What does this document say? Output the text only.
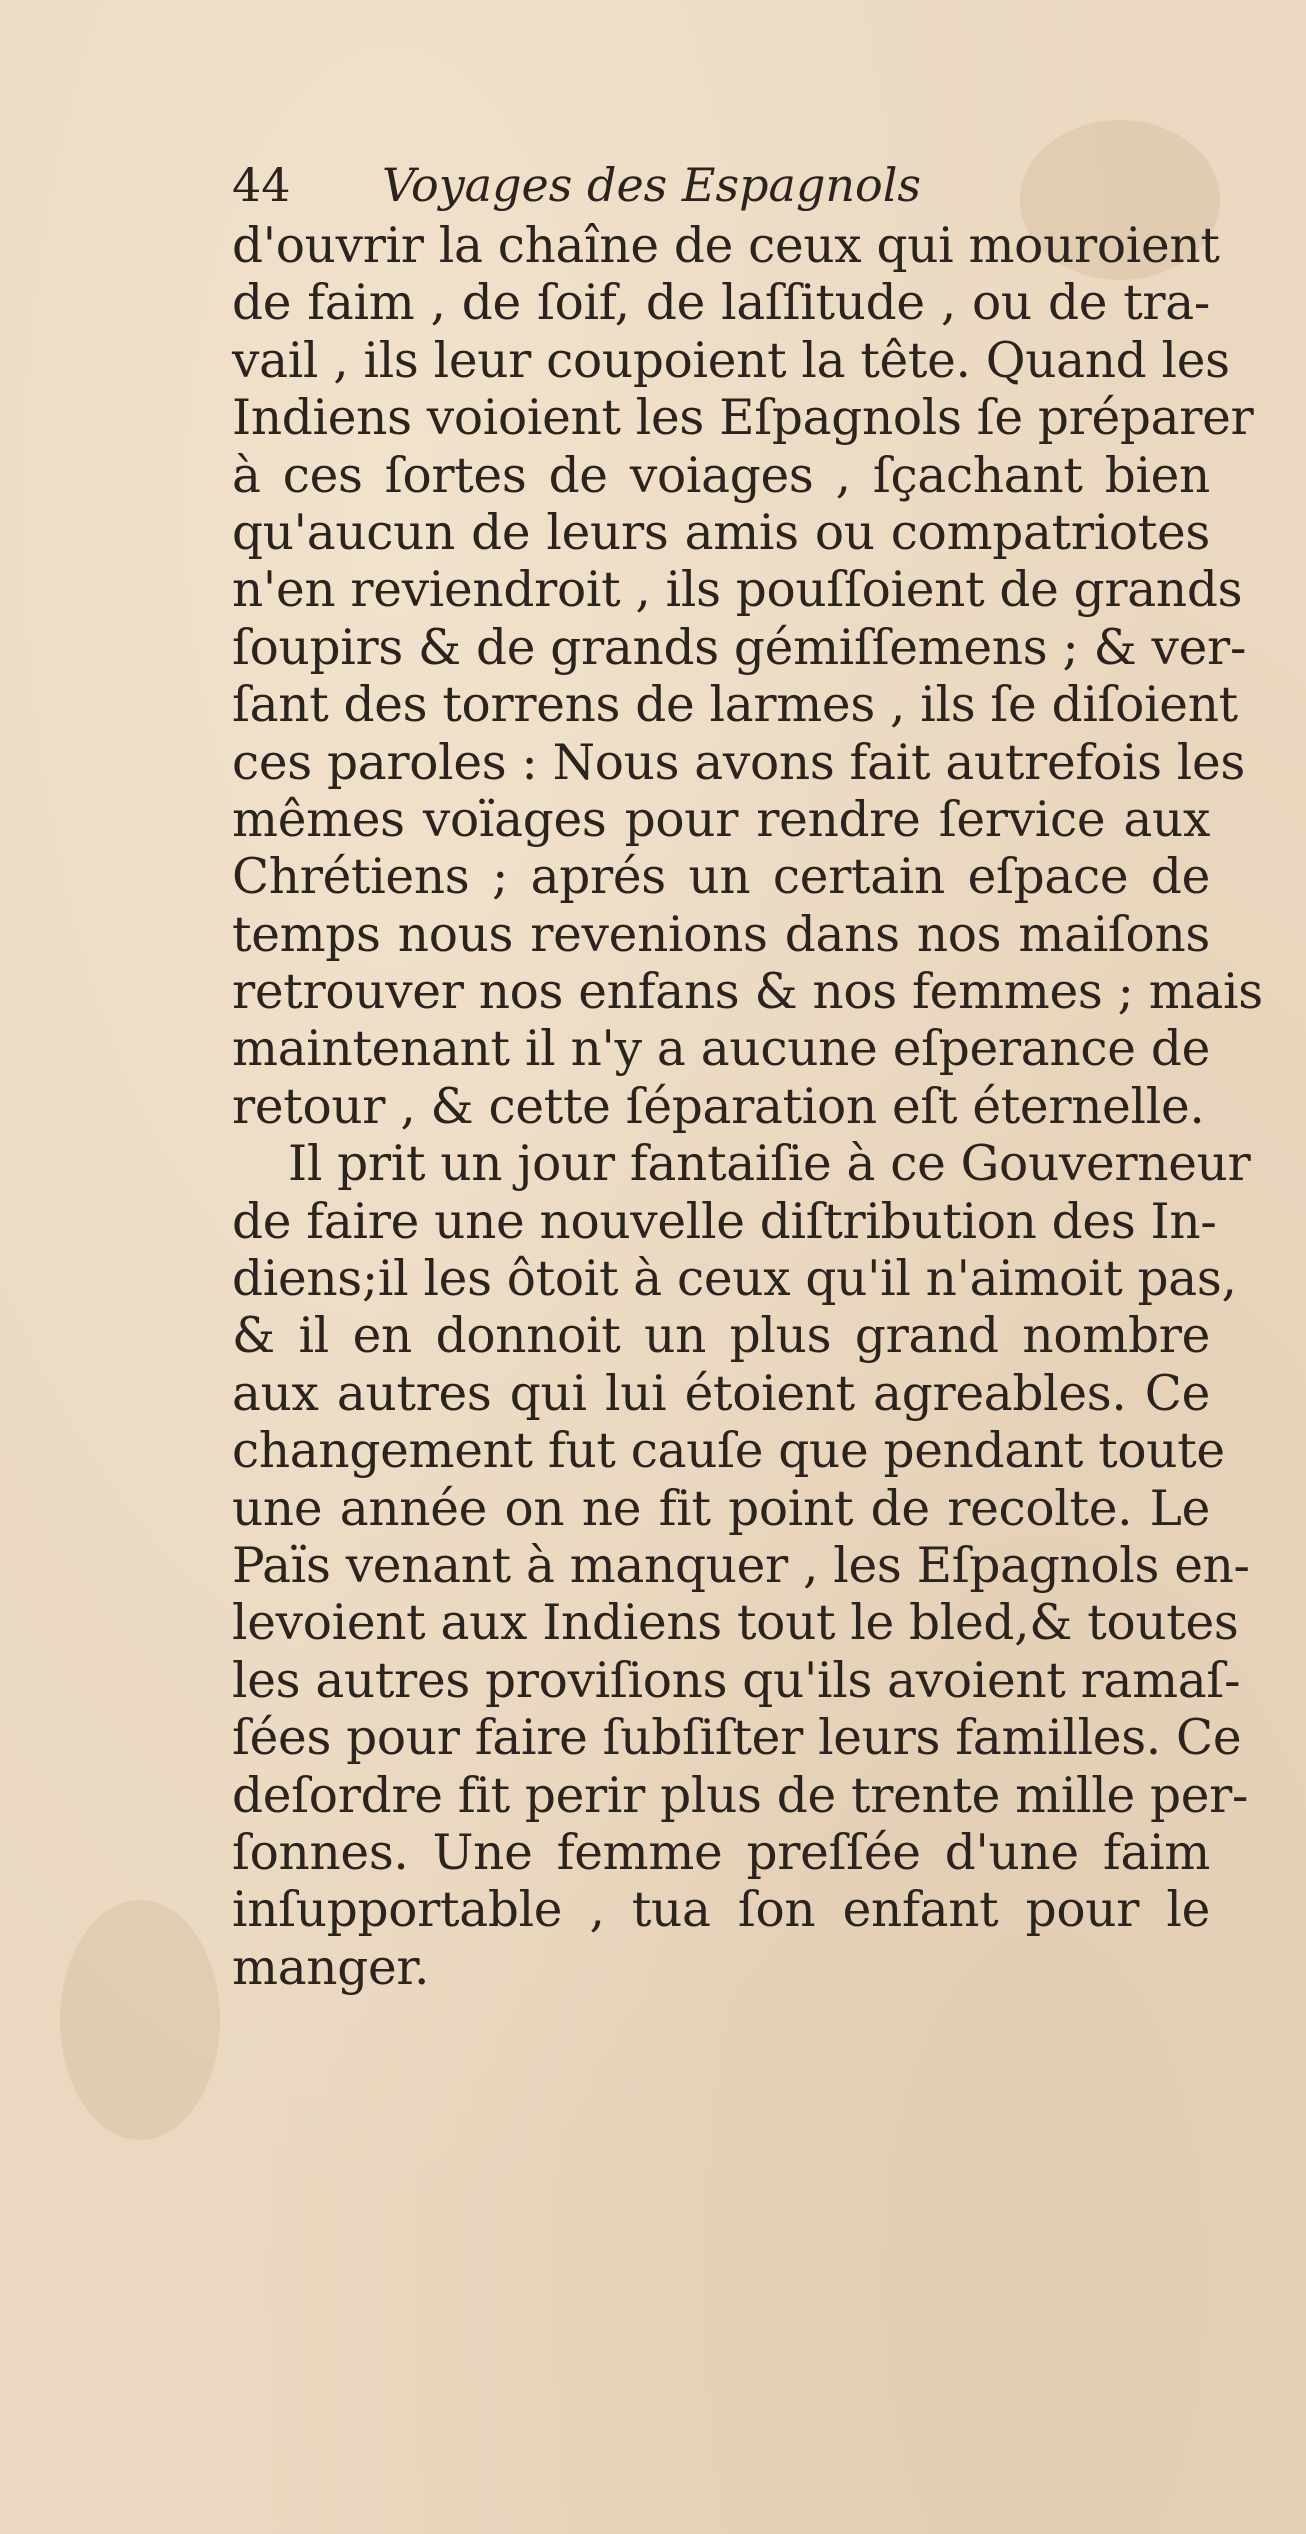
44 Voyages des Espagnols
d'ouvrir la chaîne de ceux qui mouroient
de faim , de ſoif, de laſſitude , ou de tra-
vail , ils leur coupoient la tête. Quand les
Indiens voioient les Eſpagnols ſe préparer
à ces ſortes de voiages , ſçachant bien
qu'aucun de leurs amis ou compatriotes
n'en reviendroit , ils pouſſoient de grands
ſoupirs & de grands gémiſſemens ; & ver-
ſant des torrens de larmes , ils ſe diſoient
ces paroles : Nous avons fait autrefois les
mêmes voïages pour rendre ſervice aux
Chrétiens ; aprés un certain eſpace de
temps nous revenions dans nos maiſons
retrouver nos enfans & nos femmes ; mais
maintenant il n'y a aucune eſperance de
retour , & cette ſéparation eſt éternelle.
Il prit un jour fantaiſie à ce Gouverneur
de faire une nouvelle diſtribution des In-
diens;il les ôtoit à ceux qu'il n'aimoit pas,
& il en donnoit un plus grand nombre
aux autres qui lui étoient agreables. Ce
changement fut cauſe que pendant toute
une année on ne fit point de recolte. Le
Païs venant à manquer , les Eſpagnols en-
levoient aux Indiens tout le bled,& toutes
les autres proviſions qu'ils avoient ramaſ-
ſées pour faire ſubſiſter leurs familles. Ce
deſordre fit perir plus de trente mille per-
ſonnes. Une femme preſſée d'une faim
inſupportable , tua ſon enfant pour le
manger.
